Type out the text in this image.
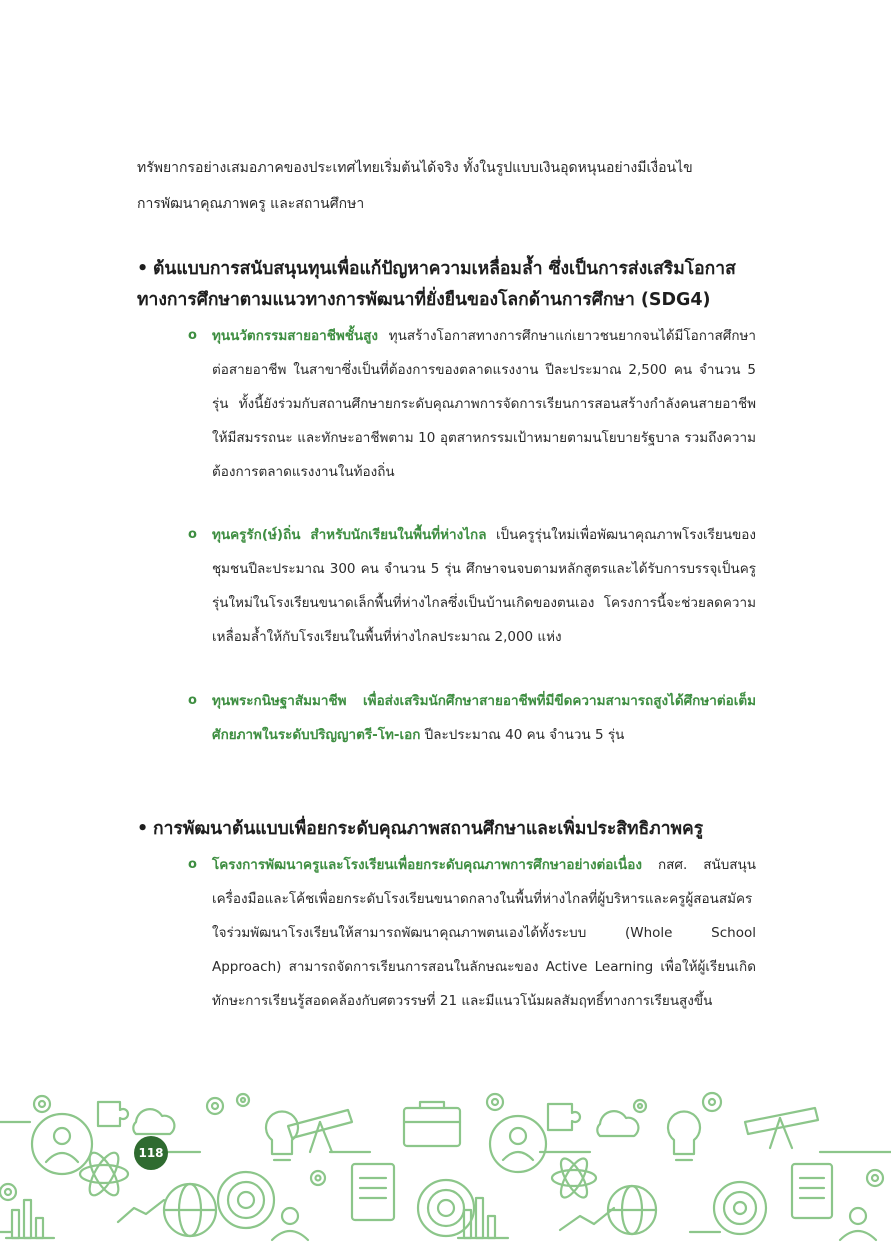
ทรัพยากรอย่างเสมอภาคของประเทศไทยเริ่มต้นได้จริง ทั้งในรูปแบบเงินอุดหนุนอย่างมีเงื่อนไข

การพัฒนาคุณภาพครู และสถานศึกษา

• ต้นแบบการสนับสนุนทุนเพื่อแก้ปัญหาความเหลื่อมล้ำ ซึ่งเป็นการส่งเสริมโอกาสทางการศึกษาตามแนวทางการพัฒนาที่ยั่งยืนของโลกด้านการศึกษา (SDG4)
o ทุนนวัตกรรมสายอาชีพชั้นสูง ทุนสร้างโอกาสทางการศึกษาแก่เยาวชนยากจนได้มีโอกาสศึกษาต่อสายอาชีพ ในสาขาซึ่งเป็นที่ต้องการของตลาดแรงงาน ปีละประมาณ 2,500 คน จำนวน 5 รุ่น ทั้งนี้ยังร่วมกับสถานศึกษายกระดับคุณภาพการจัดการเรียนการสอนสร้างกำลังคนสายอาชีพ ให้มีสมรรถนะ และทักษะอาชีพตาม 10 อุตสาหกรรมเป้าหมายตามนโยบายรัฐบาล รวมถึงความต้องการตลาดแรงงานในท้องถิ่น
o ทุนครูรัก(ษ์)ถิ่น สำหรับนักเรียนในพื้นที่ห่างไกล เป็นครูรุ่นใหม่เพื่อพัฒนาคุณภาพโรงเรียนของชุมชนปีละประมาณ 300 คน จำนวน 5 รุ่น ศึกษาจนจบตามหลักสูตรและได้รับการบรรจุเป็นครูรุ่นใหม่ในโรงเรียนขนาดเล็กพื้นที่ห่างไกลซึ่งเป็นบ้านเกิดของตนเอง โครงการนี้จะช่วยลดความเหลื่อมล้ำให้กับโรงเรียนในพื้นที่ห่างไกลประมาณ 2,000 แห่ง
o ทุนพระกนิษฐาสัมมาชีพ เพื่อส่งเสริมนักศึกษาสายอาชีพที่มีขีดความสามารถสูงได้ศึกษาต่อเต็มศักยภาพในระดับปริญญาตรี-โท-เอก ปีละประมาณ 40 คน จำนวน 5 รุ่น
• การพัฒนาต้นแบบเพื่อยกระดับคุณภาพสถานศึกษาและเพิ่มประสิทธิภาพครู
o โครงการพัฒนาครูและโรงเรียนเพื่อยกระดับคุณภาพการศึกษาอย่างต่อเนื่อง กสศ. สนับสนุนเครื่องมือและโค้ชเพื่อยกระดับโรงเรียนขนาดกลางในพื้นที่ห่างไกลที่ผู้บริหารและครูผู้สอนสมัครใจร่วมพัฒนาโรงเรียนให้สามารถพัฒนาคุณภาพตนเองได้ทั้งระบบ (Whole School Approach) สามารถจัดการเรียนการสอนในลักษณะของ Active Learning เพื่อให้ผู้เรียนเกิดทักษะการเรียนรู้สอดคล้องกับศตวรรษที่ 21 และมีแนวโน้มผลสัมฤทธิ์ทางการเรียนสูงขึ้น
118
